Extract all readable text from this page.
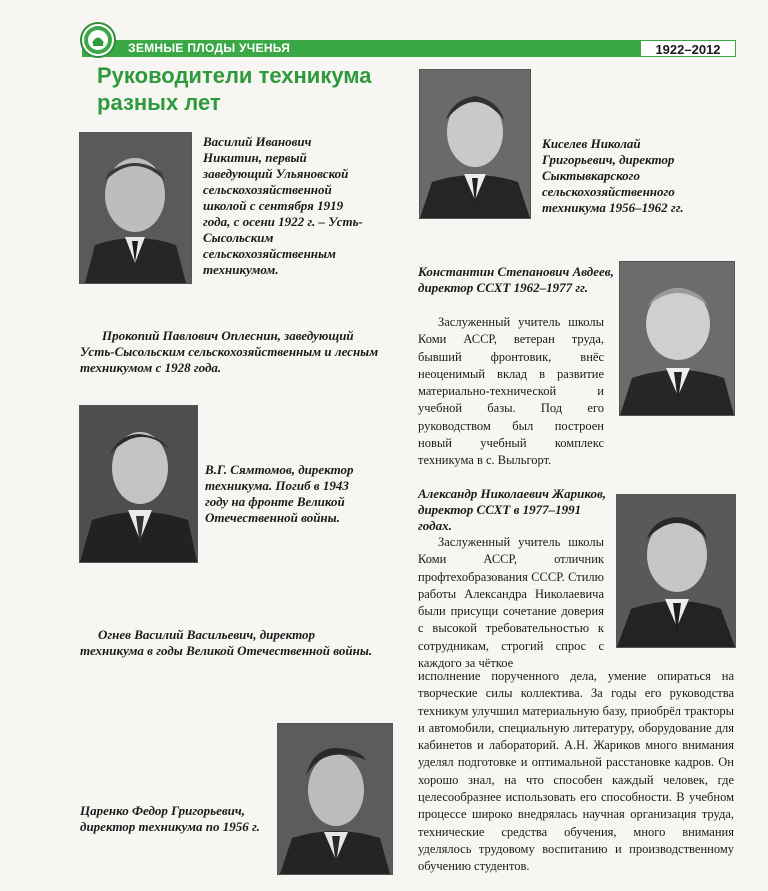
ЗЕМНЫЕ ПЛОДЫ УЧЕНЬЯ	1922–2012
Руководители техникума разных лет
Василий Иванович Никитин, первый заведующий Ульяновской сельскохозяйственной школой с сентября 1919 года, с осени 1922 г. – Усть-Сысольским сельскохозяйственным техникумом.
Прокопий Павлович Оплеснин, заведующий Усть-Сысольским сельскохозяйственным и лесным техникумом с 1928 года.
В.Г. Сямтомов, директор техникума. Погиб в 1943 году на фронте Великой Отечественной войны.
Огнев Василий Васильевич, директор техникума в годы Великой Отечественной войны.
Царенко Федор Григорьевич, директор техникума по 1956 г.
Киселев Николай Григорьевич, директор Сыктывкарского сельскохозяйственного техникума 1956–1962 гг.
Константин Степанович Авдеев, директор ССХТ 1962–1977 гг.
Заслуженный учитель школы Коми АССР, ветеран труда, бывший фронтовик, внёс неоценимый вклад в развитие материально-технической и учебной базы. Под его руководством был построен новый учебный комплекс техникума в с. Выльгорт.
Александр Николаевич Жариков, директор ССХТ в 1977–1991 годах.
Заслуженный учитель школы Коми АССР, отличник профтехобразования СССР. Стилю работы Александра Николаевича были присущи сочетание доверия с высокой требовательностью к сотрудникам, строгий спрос с каждого за чёткое
исполнение порученного дела, умение опираться на творческие силы коллектива. За годы его руководства техникум улучшил материальную базу, приобрёл тракторы и автомобили, специальную литературу, оборудование для кабинетов и лабораторий. А.Н. Жариков много внимания уделял подготовке и оптимальной расстановке кадров. Он хорошо знал, на что способен каждый человек, где целесообразнее использовать его способности. В учебном процессе широко внедрялась научная организация труда, технические средства обучения, много внимания уделялось трудовому воспитанию и производственному обучению студентов.
